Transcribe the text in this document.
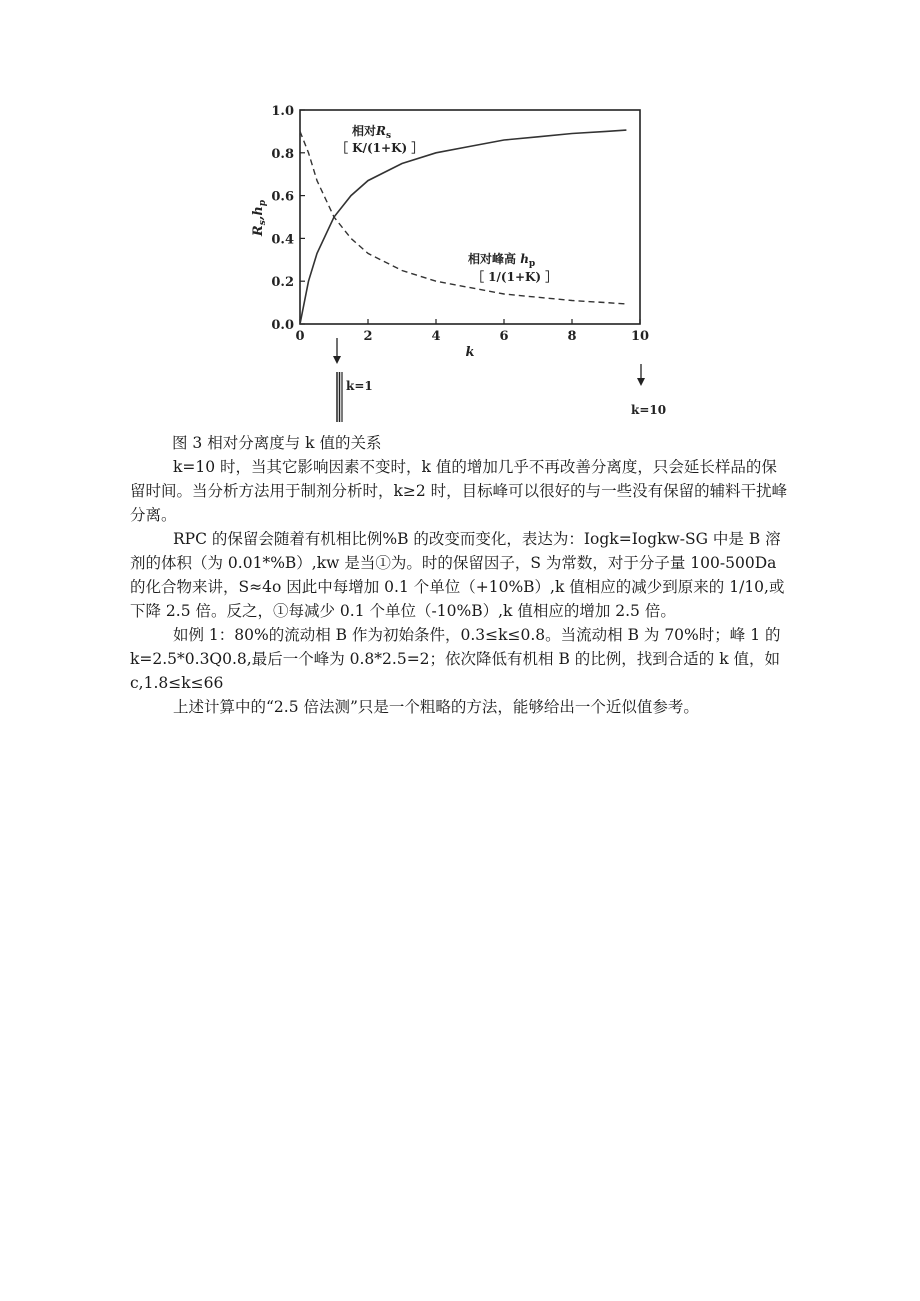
0	2	4	6	8	10
0.0
0.2
0.4
0.6
0.8
1.0
k
$R_s,h_p$
相对$R_s$
［ K/(1+K) ］
相对峰高 $h_p$
［ 1/(1+K) ］
k=1
k=10
图 3 相对分离度与 k 值的关系

k=10 时，当其它影响因素不变时，k 值的增加几乎不再改善分离度，只会延长样品的保留时间。当分析方法用于制剂分析时，k≥2 时，目标峰可以很好的与一些没有保留的辅料干扰峰分离。

RPC 的保留会随着有机相比例%B 的改变而变化，表达为：Iogk=Iogkw-SG 中是 B 溶剂的体积（为 0.01*%B）,kw 是当①为。时的保留因子，S 为常数，对于分子量 100-500Da 的化合物来讲，S≈4o 因此中每增加 0.1 个单位（+10%B）,k 值相应的减少到原来的 1/10,或下降 2.5 倍。反之，①每减少 0.1 个单位（-10%B）,k 值相应的增加 2.5 倍。

如例 1：80%的流动相 B 作为初始条件，0.3≤k≤0.8。当流动相 B 为 70%时；峰 1 的 k=2.5*0.3Q0.8,最后一个峰为 0.8*2.5=2；依次降低有机相 B 的比例，找到合适的 k 值，如 c,1.8≤k≤66

上述计算中的“2.5 倍法测”只是一个粗略的方法，能够给出一个近似值参考。
